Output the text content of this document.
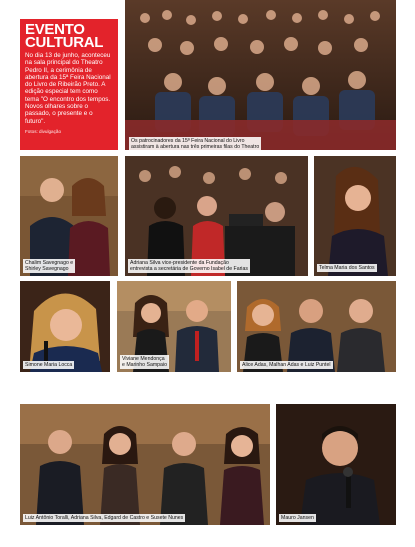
EVENTO
CULTURAL
No dia 13 de junho, aconteceu na sala principal do Theatro Pedro II, a cerimônia de abertura da 15ª Feira Nacional do Livro de Ribeirão Preto. A edição especial tem como tema "O encontro dos tempos. Novos olhares sobre o passado, o presente e o futuro".
Fotos: divulgação
Os patrocinadores da 15ª Feira Nacional do Livro
assistiram à abertura nas três primeiras filas do Theatro
Chalim Savegnago e
Shirley Savegnago
Adriana Silva vice-presidente da Fundação
entrevista a secretária de Governo Isabel de Farias	Telma Maria dos Santos
Simone Maria Locca
Viviane Mendonça
e Marinho Sampaio	Alice Adas, Malhan Adas e Luiz Puntel
Luiz Antônio Toralli, Adriana Silva, Edgard de Castro e Susete Nunes	Mauro Jansen
